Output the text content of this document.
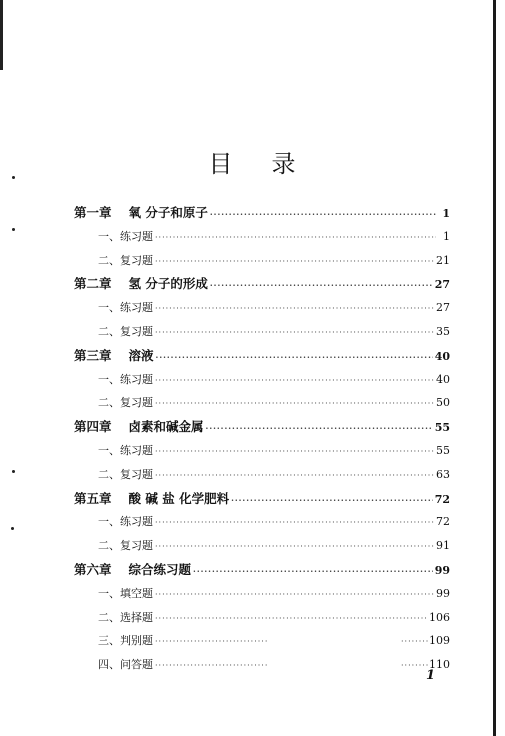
目 录
第一章 氧 分子和原子 ·····	1
一、 练习题 ·····	1
二、 复习题 ·····	21
第二章 氢 分子的形成 ·····	27
一、 练习题 ·····	27
二、 复习题 ·····	35
第三章 溶液 ·····	40
一、 练习题 ·····	40
二、 复习题 ·····	50
第四章 卤素和碱金属 ·····	55
一、 练习题 ·····	55
二、 复习题 ·····	63
第五章 酸 碱 盐 化学肥料 ·····	72
一、 练习题 ·····	72
二、 复习题 ·····	91
第六章 综合练习题 ·····	99
一、 填空题 ·····	99
二、 选择题 ·····	106
三、 判别题 ····· ·····	109
四、 问答题 ····· ·····	110
1
